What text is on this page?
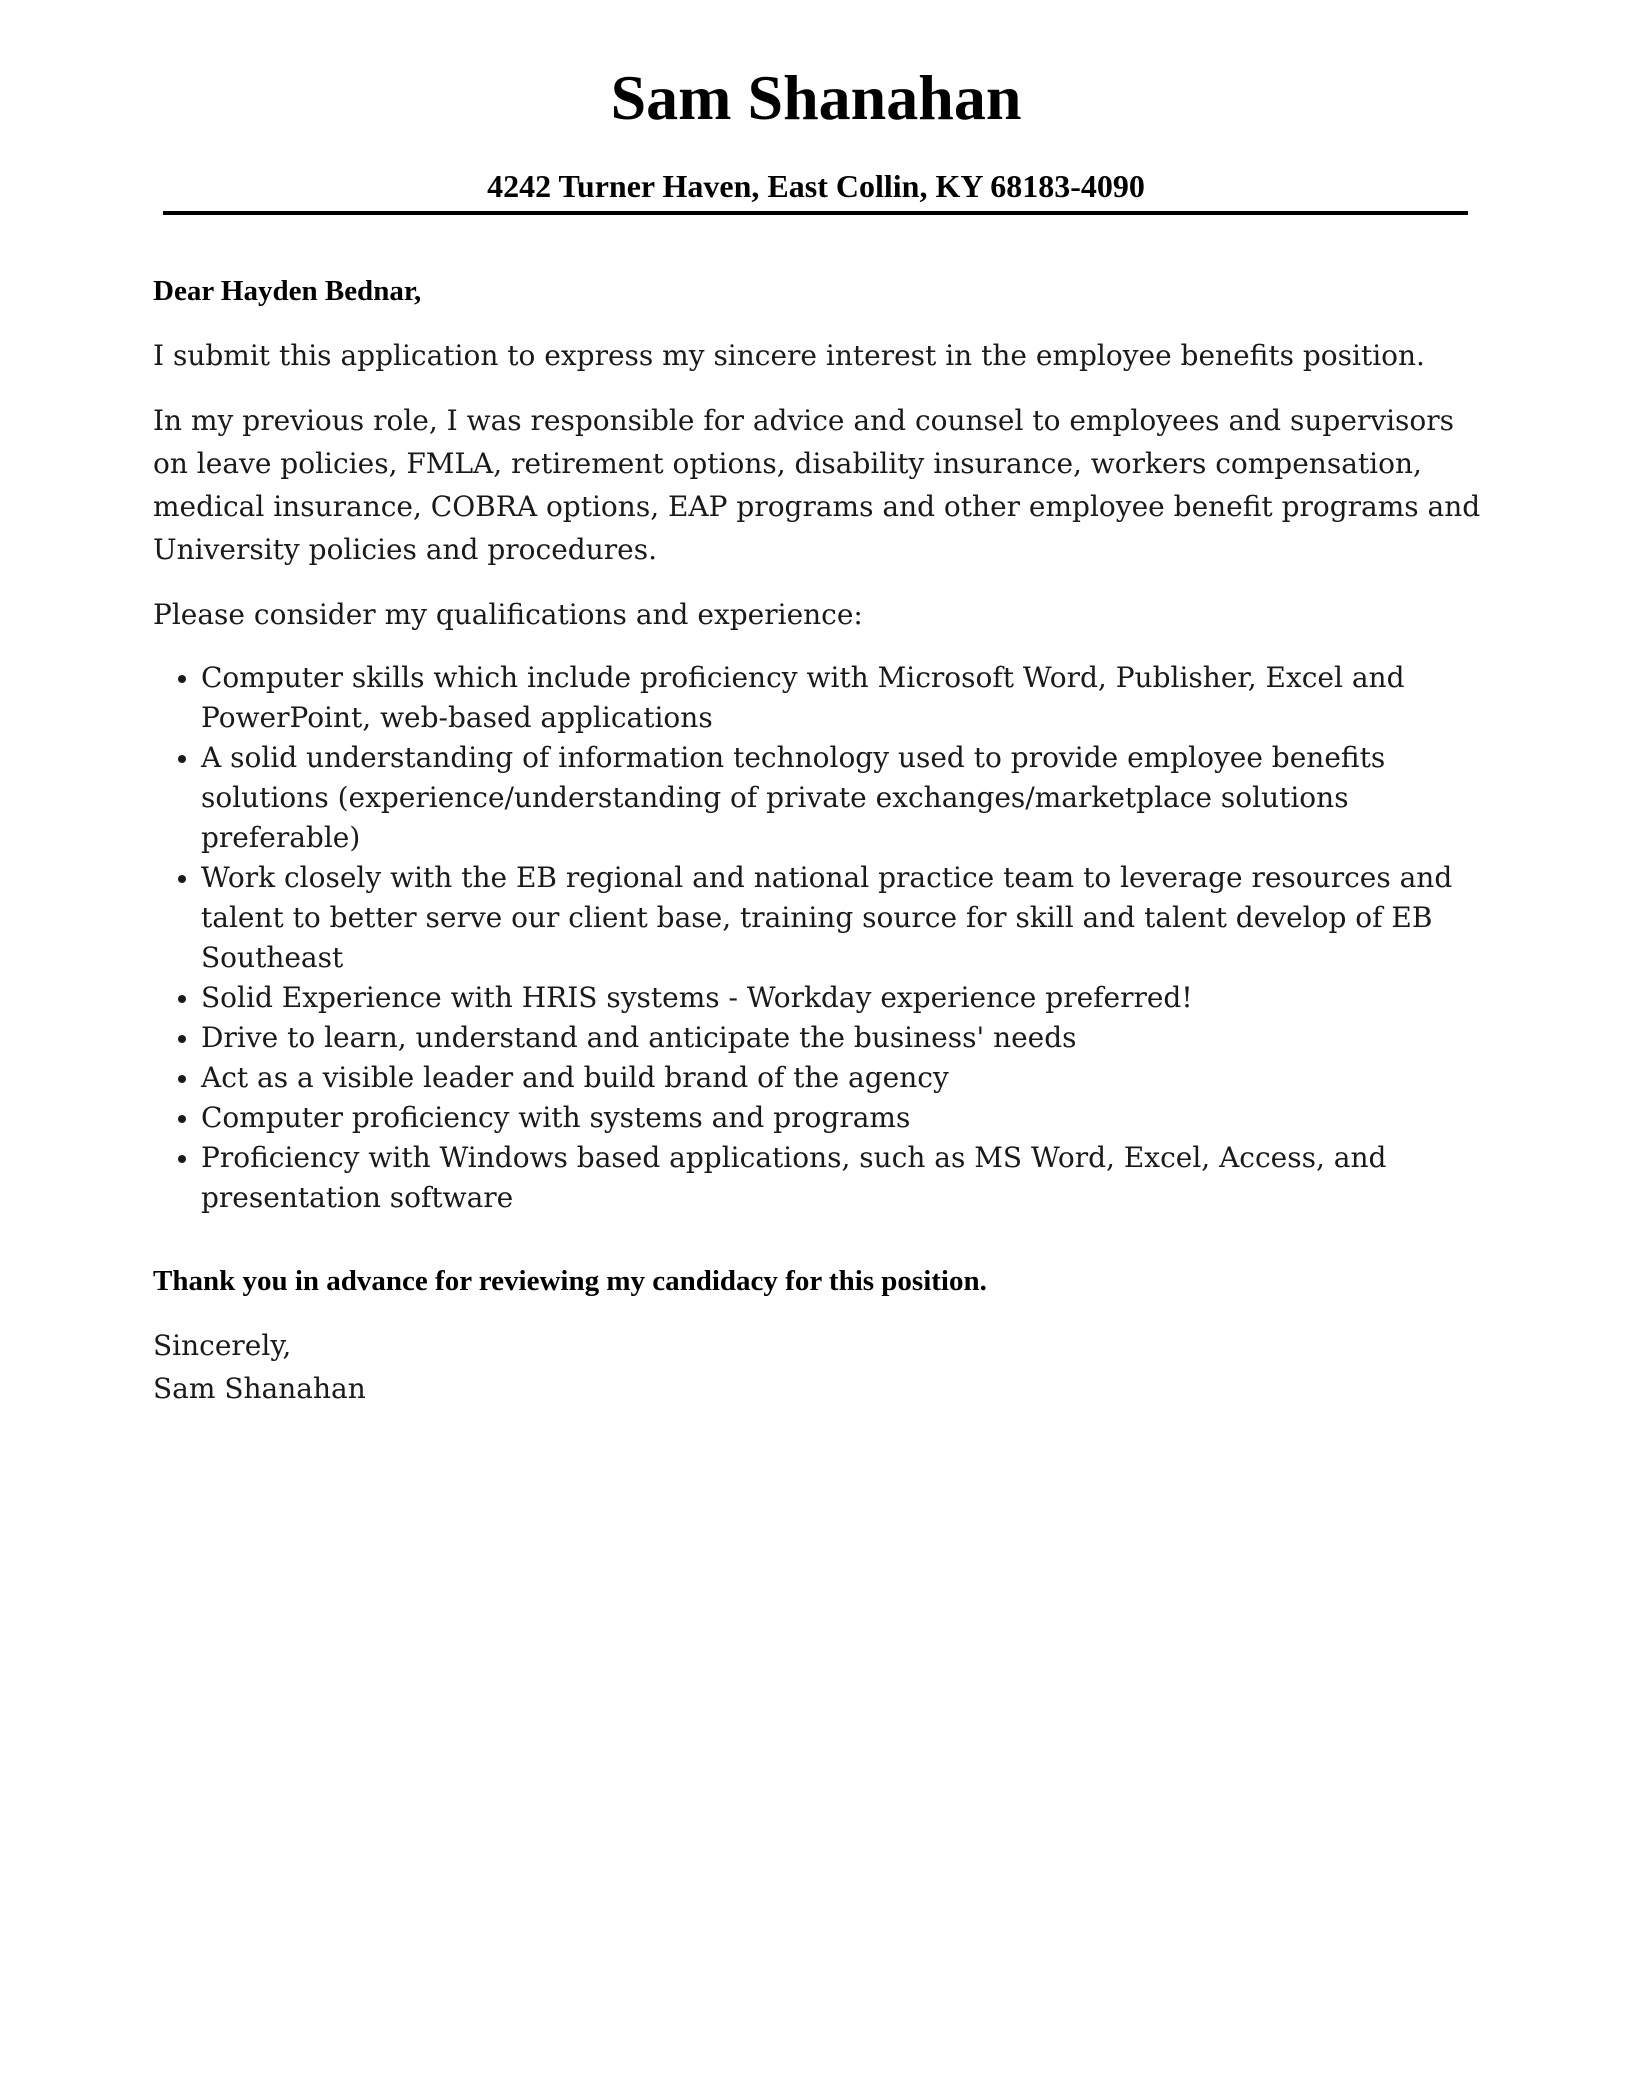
Sam Shanahan
4242 Turner Haven, East Collin, KY 68183-4090

Dear Hayden Bednar,

I submit this application to express my sincere interest in the employee benefits position.

In my previous role, I was responsible for advice and counsel to employees and supervisors on leave policies, FMLA, retirement options, disability insurance, workers compensation, medical insurance, COBRA options, EAP programs and other employee benefit programs and University policies and procedures.

Please consider my qualifications and experience:

Computer skills which include proficiency with Microsoft Word, Publisher, Excel and PowerPoint, web-based applications
A solid understanding of information technology used to provide employee benefits solutions (experience/understanding of private exchanges/marketplace solutions preferable)
Work closely with the EB regional and national practice team to leverage resources and talent to better serve our client base, training source for skill and talent develop of EB Southeast
Solid Experience with HRIS systems - Workday experience preferred!
Drive to learn, understand and anticipate the business' needs
Act as a visible leader and build brand of the agency
Computer proficiency with systems and programs
Proficiency with Windows based applications, such as MS Word, Excel, Access, and presentation software

Thank you in advance for reviewing my candidacy for this position.

Sincerely,

Sam Shanahan
